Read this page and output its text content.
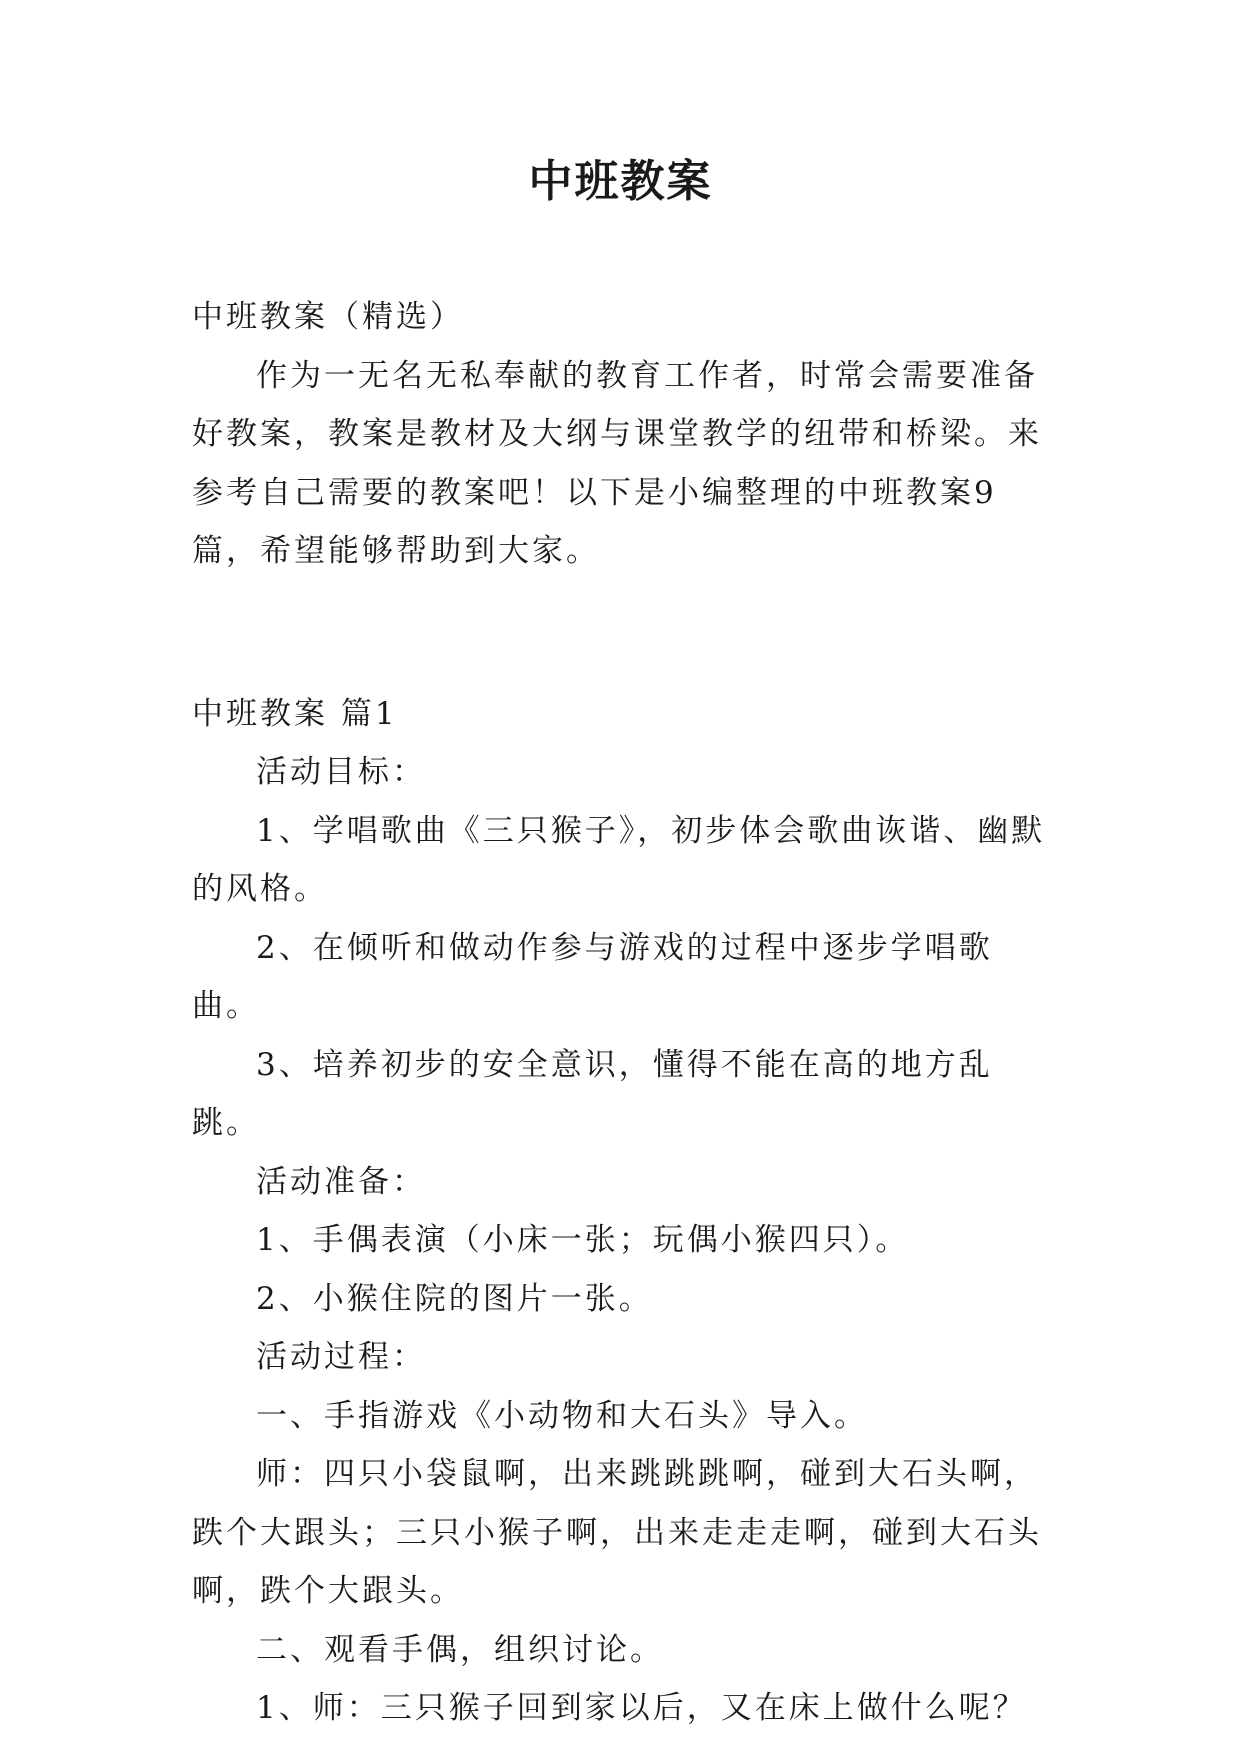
中班教案

中班教案（精选）

作为一无名无私奉献的教育工作者，时常会需要准备好教案，教案是教材及大纲与课堂教学的纽带和桥梁。来参考自己需要的教案吧！以下是小编整理的中班教案9篇，希望能够帮助到大家。

中班教案 篇1

活动目标：

1、学唱歌曲《三只猴子》，初步体会歌曲诙谐、幽默的风格。

2、在倾听和做动作参与游戏的过程中逐步学唱歌曲。

3、培养初步的安全意识，懂得不能在高的地方乱跳。

活动准备：

1、手偶表演（小床一张；玩偶小猴四只）。

2、小猴住院的图片一张。

活动过程：

一、手指游戏《小动物和大石头》导入。

师：四只小袋鼠啊，出来跳跳跳啊，碰到大石头啊，跌个大跟头；三只小猴子啊，出来走走走啊，碰到大石头啊，跌个大跟头。

二、观看手偶，组织讨论。

1、师：三只猴子回到家以后，又在床上做什么呢？
